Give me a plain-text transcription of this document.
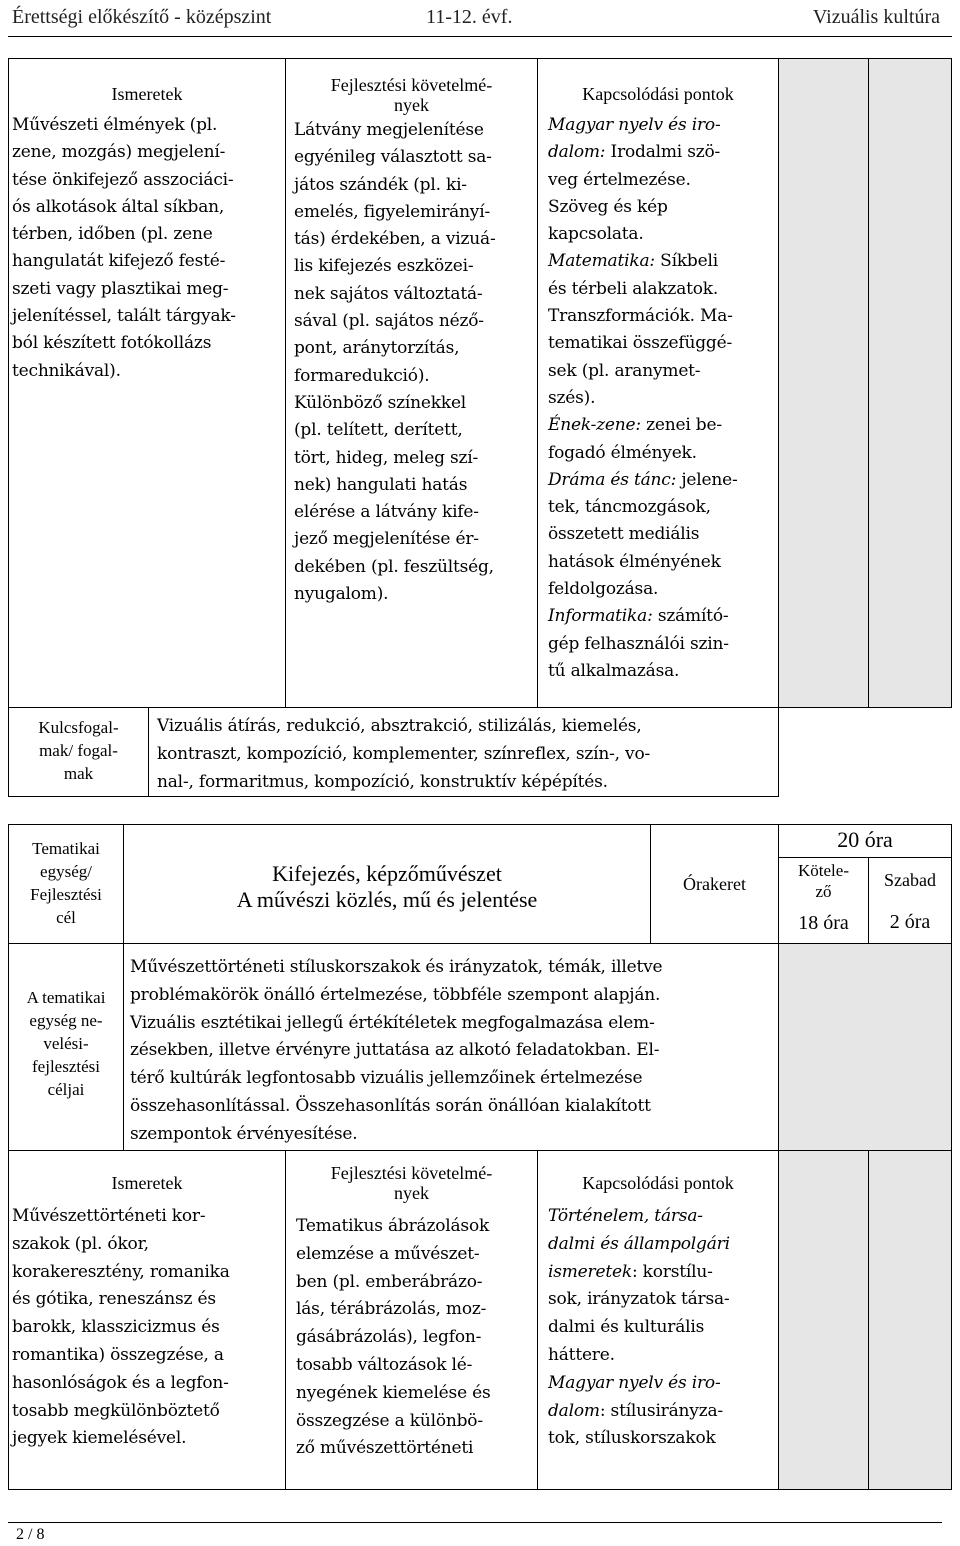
Érettségi előkészítő - középszint	11-12. évf.	Vizuális kultúra
Ismeretek
Művészeti élmények (pl.
zene, mozgás) megjelení-
tése önkifejező asszociáci-
ós alkotások által síkban,
térben, időben (pl. zene
hangulatát kifejező festé-
szeti vagy plasztikai meg-
jelenítéssel, talált tárgyak-
ból készített fotókollázs
technikával).
Fejlesztési követelmé-
nyek
Látvány megjelenítése
egyénileg választott sa-
játos szándék (pl. ki-
emelés, figyelemirányí-
tás) érdekében, a vizuá-
lis kifejezés eszközei-
nek sajátos változtatá-
sával (pl. sajátos néző-
pont, aránytorzítás,
formaredukció).
Különböző színekkel
(pl. telített, derített,
tört, hideg, meleg szí-
nek) hangulati hatás
elérése a látvány kife-
jező megjelenítése ér-
dekében (pl. feszültség,
nyugalom).
Kapcsolódási pontok
Magyar nyelv és iro-
dalom: Irodalmi szö-
veg értelmezése.
Szöveg és kép
kapcsolata.
Matematika: Síkbeli
és térbeli alakzatok.
Transzformációk. Ma-
tematikai összefüggé-
sek (pl. aranymet-
szés).
Ének-zene: zenei be-
fogadó élmények.
Dráma és tánc: jelene-
tek, táncmozgások,
összetett mediális
hatások élményének
feldolgozása.
Informatika: számító-
gép felhasználói szin-
tű alkalmazása.
Kulcsfogal-
mak/ fogal-
mak
Vizuális átírás, redukció, absztrakció, stilizálás, kiemelés,
kontraszt, kompozíció, komplementer, színreflex, szín-, vo-
nal-, formaritmus, kompozíció, konstruktív képépítés.
Tematikai
egység/
Fejlesztési
cél
Kifejezés, képzőművészet
A művészi közlés, mű és jelentése
Órakeret
20 óra
Kötele-
ző
18 óra
Szabad
2 óra
A tematikai
egység ne-
velési-
fejlesztési
céljai
Művészettörténeti stíluskorszakok és irányzatok, témák, illetve
problémakörök önálló értelmezése, többféle szempont alapján.
Vizuális esztétikai jellegű értékítéletek megfogalmazása elem-
zésekben, illetve érvényre juttatása az alkotó feladatokban. El-
térő kultúrák legfontosabb vizuális jellemzőinek értelmezése
összehasonlítással. Összehasonlítás során önállóan kialakított
szempontok érvényesítése.
Ismeretek
Művészettörténeti kor-
szakok (pl. ókor,
korakeresztény, romanika
és gótika, reneszánsz és
barokk, klasszicizmus és
romantika) összegzése, a
hasonlóságok és a legfon-
tosabb megkülönböztető
jegyek kiemelésével.
Fejlesztési követelmé-
nyek
Tematikus ábrázolások
elemzése a művészet-
ben (pl. emberábrázo-
lás, térábrázolás, moz-
gásábrázolás), legfon-
tosabb változások lé-
nyegének kiemelése és
összegzése a különbö-
ző művészettörténeti
Kapcsolódási pontok
Történelem, társa-
dalmi és állampolgári
ismeretek: korstílu-
sok, irányzatok társa-
dalmi és kulturális
háttere.
Magyar nyelv és iro-
dalom: stílusirányza-
tok, stíluskorszakok
2 / 8
